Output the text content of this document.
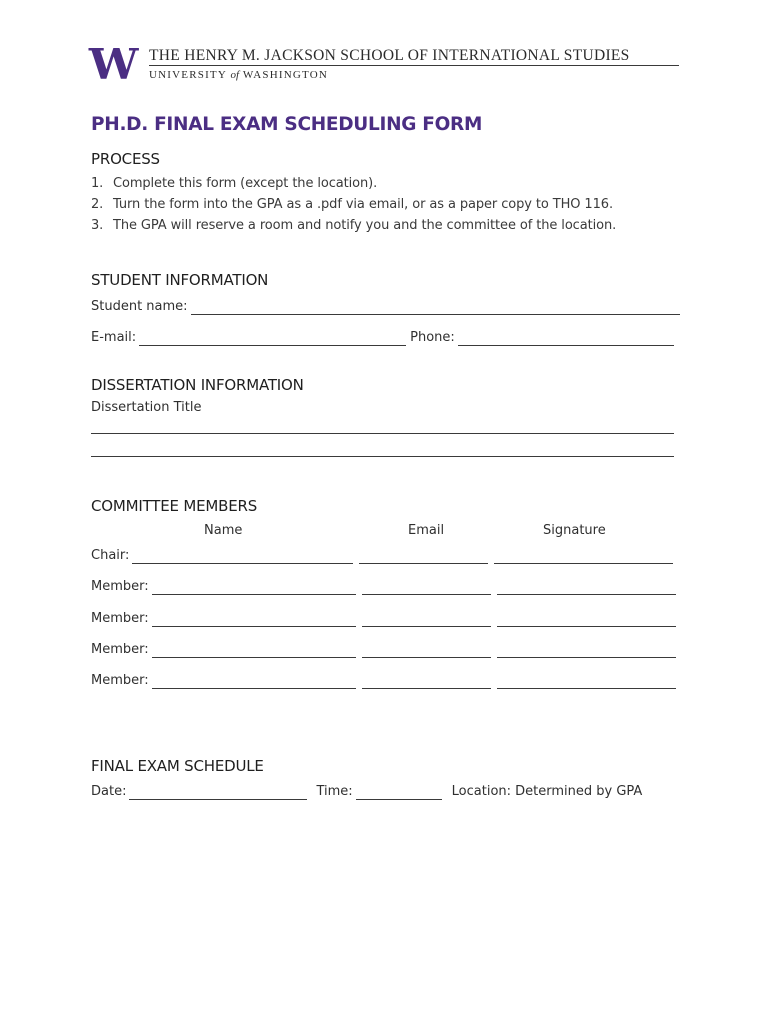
W THE HENRY M. JACKSON SCHOOL OF INTERNATIONAL STUDIES
UNIVERSITY of WASHINGTON
PH.D. FINAL EXAM SCHEDULING FORM
PROCESS
1. Complete this form (except the location).
2. Turn the form into the GPA as a .pdf via email, or as a paper copy to THO 116.
3. The GPA will reserve a room and notify you and the committee of the location.
STUDENT INFORMATION
Student name:
E-mail:	Phone:
DISSERTATION INFORMATION
Dissertation Title
COMMITTEE MEMBERS
Name	Email	Signature
Chair:
Member:
Member:
Member:
Member:
FINAL EXAM SCHEDULE
Date:	Time:	Location: Determined by GPA
